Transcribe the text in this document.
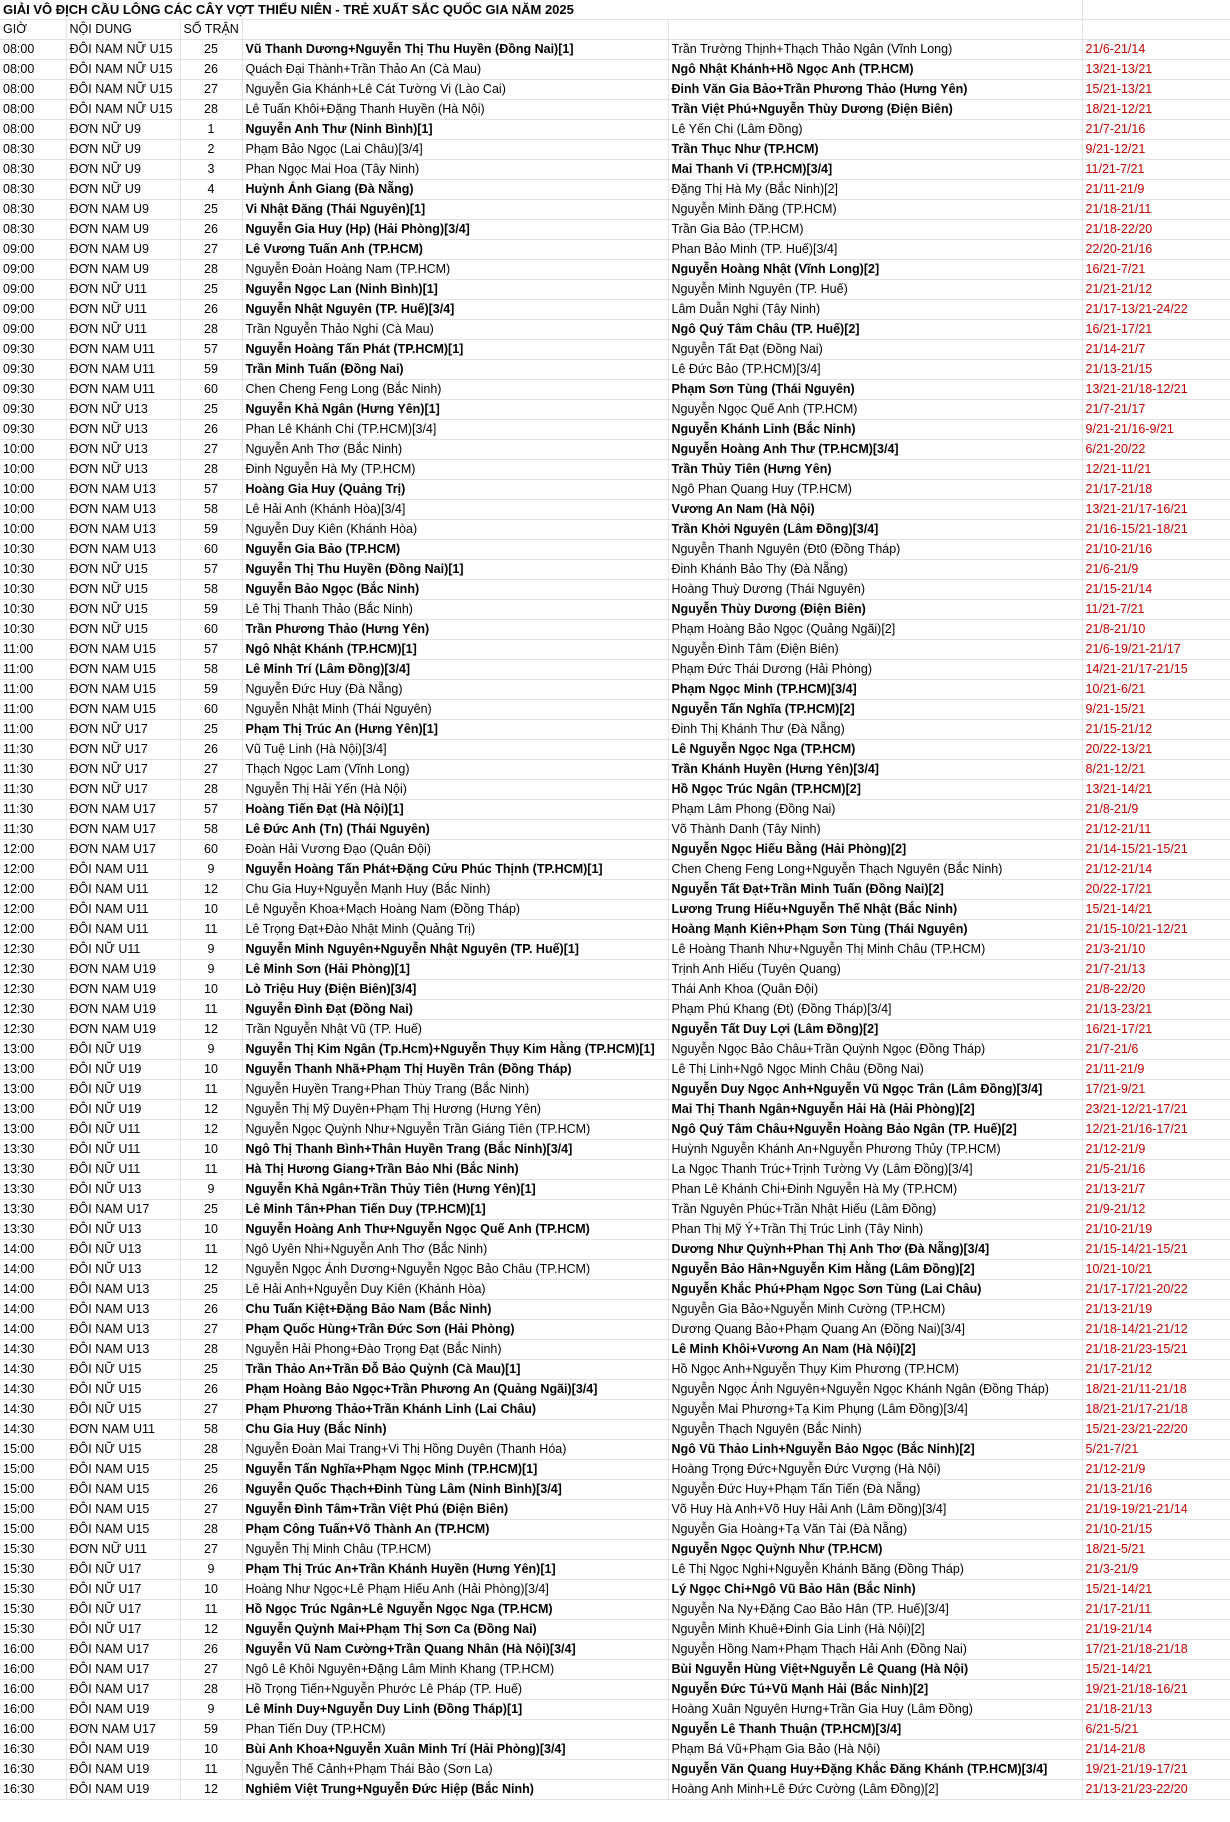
GIẢI VÔ ĐỊCH CẦU LÔNG CÁC CÂY VỢT THIẾU NIÊN - TRẺ XUẤT SẮC QUỐC GIA NĂM 2025					
GIỜ	NỘI DUNG	SỐ TRẬN			
08:00	ĐÔI NAM NỮ U15	25	Vũ Thanh Dương+Nguyễn Thị Thu Huyền (Đồng Nai)[1]	Trần Trường Thịnh+Thạch Thảo Ngân (Vĩnh Long)	21/6-21/14
08:00	ĐÔI NAM NỮ U15	26	Quách Đại Thành+Trần Thảo An (Cà Mau)	Ngô Nhật Khánh+Hồ Ngọc Anh (TP.HCM)	13/21-13/21
08:00	ĐÔI NAM NỮ U15	27	Nguyễn Gia Khánh+Lê Cát Tường Vi (Lào Cai)	Đinh Văn Gia Bảo+Trần Phương Thảo (Hưng Yên)	15/21-13/21
08:00	ĐÔI NAM NỮ U15	28	Lê Tuấn Khôi+Đặng Thanh Huyền (Hà Nội)	Trần Việt Phú+Nguyễn Thùy Dương (Điện Biên)	18/21-12/21
08:00	ĐƠN NỮ U9	1	Nguyễn Anh Thư (Ninh Bình)[1]	Lê Yến Chi (Lâm Đồng)	21/7-21/16
08:30	ĐƠN NỮ U9	2	Phạm Bảo Ngọc (Lai Châu)[3/4]	Trần Thục Như (TP.HCM)	9/21-12/21
08:30	ĐƠN NỮ U9	3	Phan Ngọc Mai Hoa (Tây Ninh)	Mai Thanh Vi (TP.HCM)[3/4]	11/21-7/21
08:30	ĐƠN NỮ U9	4	Huỳnh Ánh Giang (Đà Nẵng)	Đặng Thị Hà My (Bắc Ninh)[2]	21/11-21/9
08:30	ĐƠN NAM U9	25	Vi Nhật Đăng (Thái Nguyên)[1]	Nguyễn Minh Đăng (TP.HCM)	21/18-21/11
08:30	ĐƠN NAM U9	26	Nguyễn Gia Huy (Hp) (Hải Phòng)[3/4]	Trần Gia Bảo (TP.HCM)	21/18-22/20
09:00	ĐƠN NAM U9	27	Lê Vương Tuấn Anh (TP.HCM)	Phan Bảo Minh (TP. Huế)[3/4]	22/20-21/16
09:00	ĐƠN NAM U9	28	Nguyễn Đoàn Hoàng Nam (TP.HCM)	Nguyễn Hoàng Nhật (Vĩnh Long)[2]	16/21-7/21
09:00	ĐƠN NỮ U11	25	Nguyễn Ngọc Lan (Ninh Bình)[1]	Nguyễn Minh Nguyên (TP. Huế)	21/21-21/12
09:00	ĐƠN NỮ U11	26	Nguyễn Nhật Nguyên (TP. Huế)[3/4]	Lâm Duẫn Nghi (Tây Ninh)	21/17-13/21-24/22
09:00	ĐƠN NỮ U11	28	Trần Nguyễn Thảo Nghi (Cà Mau)	Ngô Quý Tâm Châu (TP. Huế)[2]	16/21-17/21
09:30	ĐƠN NAM U11	57	Nguyễn Hoàng Tấn Phát (TP.HCM)[1]	Nguyễn Tất Đạt (Đồng Nai)	21/14-21/7
09:30	ĐƠN NAM U11	59	Trần Minh Tuấn (Đồng Nai)	Lê Đức Bảo (TP.HCM)[3/4]	21/13-21/15
09:30	ĐƠN NAM U11	60	Chen Cheng Feng Long (Bắc Ninh)	Phạm Sơn Tùng (Thái Nguyên)	13/21-21/18-12/21
09:30	ĐƠN NỮ U13	25	Nguyễn Khả Ngân (Hưng Yên)[1]	Nguyễn Ngọc Quế Anh (TP.HCM)	21/7-21/17
09:30	ĐƠN NỮ U13	26	Phan Lê Khánh Chi (TP.HCM)[3/4]	Nguyễn Khánh Linh (Bắc Ninh)	9/21-21/16-9/21
10:00	ĐƠN NỮ U13	27	Nguyễn Anh Thơ (Bắc Ninh)	Nguyễn Hoàng Anh Thư (TP.HCM)[3/4]	6/21-20/22
10:00	ĐƠN NỮ U13	28	Đinh Nguyễn Hà My (TP.HCM)	Trần Thủy Tiên (Hưng Yên)	12/21-11/21
10:00	ĐƠN NAM U13	57	Hoàng Gia Huy (Quảng Trị)	Ngô Phan Quang Huy (TP.HCM)	21/17-21/18
10:00	ĐƠN NAM U13	58	Lê Hải Anh (Khánh Hòa)[3/4]	Vương An Nam (Hà Nội)	13/21-21/17-16/21
10:00	ĐƠN NAM U13	59	Nguyễn Duy Kiên (Khánh Hòa)	Trần Khởi Nguyên (Lâm Đồng)[3/4]	21/16-15/21-18/21
10:30	ĐƠN NAM U13	60	Nguyễn Gia Bảo (TP.HCM)	Nguyễn Thanh Nguyên (Đt0 (Đồng Tháp)	21/10-21/16
10:30	ĐƠN NỮ U15	57	Nguyễn Thị Thu Huyền (Đồng Nai)[1]	Đinh Khánh Bảo Thy (Đà Nẵng)	21/6-21/9
10:30	ĐƠN NỮ U15	58	Nguyễn Bảo Ngọc (Bắc Ninh)	Hoàng Thuỳ Dương (Thái Nguyên)	21/15-21/14
10:30	ĐƠN NỮ U15	59	Lê Thị Thanh Thảo (Bắc Ninh)	Nguyễn Thùy Dương (Điện Biên)	11/21-7/21
10:30	ĐƠN NỮ U15	60	Trần Phương Thảo (Hưng Yên)	Phạm Hoàng Bảo Ngọc (Quảng Ngãi)[2]	21/8-21/10
11:00	ĐƠN NAM U15	57	Ngô Nhật Khánh (TP.HCM)[1]	Nguyễn Đình Tâm (Điện Biên)	21/6-19/21-21/17
11:00	ĐƠN NAM U15	58	Lê Minh Trí (Lâm Đồng)[3/4]	Phạm Đức Thái Dương (Hải Phòng)	14/21-21/17-21/15
11:00	ĐƠN NAM U15	59	Nguyễn Đức Huy (Đà Nẵng)	Phạm Ngọc Minh (TP.HCM)[3/4]	10/21-6/21
11:00	ĐƠN NAM U15	60	Nguyễn Nhật Minh (Thái Nguyên)	Nguyễn Tấn Nghĩa (TP.HCM)[2]	9/21-15/21
11:00	ĐƠN NỮ U17	25	Phạm Thị Trúc An (Hưng Yên)[1]	Đinh Thị Khánh Thư (Đà Nẵng)	21/15-21/12
11:30	ĐƠN NỮ U17	26	Vũ Tuệ Linh (Hà Nội)[3/4]	Lê Nguyễn Ngọc Nga (TP.HCM)	20/22-13/21
11:30	ĐƠN NỮ U17	27	Thạch Ngọc Lam (Vĩnh Long)	Trần Khánh Huyền (Hưng Yên)[3/4]	8/21-12/21
11:30	ĐƠN NỮ U17	28	Nguyễn Thị Hải Yến (Hà Nội)	Hồ Ngọc Trúc Ngân (TP.HCM)[2]	13/21-14/21
11:30	ĐƠN NAM U17	57	Hoàng Tiến Đạt (Hà Nội)[1]	Phạm Lâm Phong (Đồng Nai)	21/8-21/9
11:30	ĐƠN NAM U17	58	Lê Đức Anh (Tn) (Thái Nguyên)	Võ Thành Danh (Tây Ninh)	21/12-21/11
12:00	ĐƠN NAM U17	60	Đoàn Hải Vương Đạo (Quân Đội)	Nguyễn Ngọc Hiếu Bằng (Hải Phòng)[2]	21/14-15/21-15/21
12:00	ĐÔI NAM U11	9	Nguyễn Hoàng Tấn Phát+Đặng Cửu Phúc Thịnh (TP.HCM)[1]	Chen Cheng Feng Long+Nguyễn Thạch Nguyên (Bắc Ninh)	21/12-21/14
12:00	ĐÔI NAM U11	12	Chu Gia Huy+Nguyễn Mạnh Huy (Bắc Ninh)	Nguyễn Tất Đạt+Trần Minh Tuấn (Đồng Nai)[2]	20/22-17/21
12:00	ĐÔI NAM U11	10	Lê Nguyễn Khoa+Mạch Hoàng Nam (Đồng Tháp)	Lương Trung Hiếu+Nguyễn Thế Nhật (Bắc Ninh)	15/21-14/21
12:00	ĐÔI NAM U11	11	Lê Trọng Đạt+Đào Nhật Minh (Quảng Trị)	Hoàng Mạnh Kiên+Phạm Sơn Tùng (Thái Nguyên)	21/15-10/21-12/21
12:30	ĐÔI NỮ U11	9	Nguyễn Minh Nguyên+Nguyễn Nhật Nguyên (TP. Huế)[1]	Lê Hoàng Thanh Như+Nguyễn Thị Minh Châu (TP.HCM)	21/3-21/10
12:30	ĐƠN NAM U19	9	Lê Minh Sơn (Hải Phòng)[1]	Trịnh Anh Hiếu (Tuyên Quang)	21/7-21/13
12:30	ĐƠN NAM U19	10	Lò Triệu Huy (Điện Biên)[3/4]	Thái Anh Khoa (Quân Đội)	21/8-22/20
12:30	ĐƠN NAM U19	11	Nguyễn Đình Đạt (Đồng Nai)	Phạm Phú Khang (Đt) (Đồng Tháp)[3/4]	21/13-23/21
12:30	ĐƠN NAM U19	12	Trần Nguyễn Nhật Vũ (TP. Huế)	Nguyễn Tất Duy Lợi (Lâm Đồng)[2]	16/21-17/21
13:00	ĐÔI NỮ U19	9	Nguyễn Thị Kim Ngân (Tp.Hcm)+Nguyễn Thụy Kim Hằng (TP.HCM)[1]	Nguyễn Ngọc Bảo Châu+Trần Quỳnh Ngọc (Đồng Tháp)	21/7-21/6
13:00	ĐÔI NỮ U19	10	Nguyễn Thanh Nhã+Phạm Thị Huyền Trân (Đồng Tháp)	Lê Thị Linh+Ngô Ngọc Minh Châu (Đồng Nai)	21/11-21/9
13:00	ĐÔI NỮ U19	11	Nguyễn Huyền Trang+Phan Thùy Trang (Bắc Ninh)	Nguyễn Duy Ngọc Anh+Nguyễn Vũ Ngọc Trân (Lâm Đồng)[3/4]	17/21-9/21
13:00	ĐÔI NỮ U19	12	Nguyễn Thị Mỹ Duyên+Phạm Thị Hương (Hưng Yên)	Mai Thị Thanh Ngân+Nguyễn Hải Hà (Hải Phòng)[2]	23/21-12/21-17/21
13:00	ĐÔI NỮ U11	12	Nguyễn Ngọc Quỳnh Như+Nguyễn Trần Giáng Tiên (TP.HCM)	Ngô Quý Tâm Châu+Nguyễn Hoàng Bảo Ngân (TP. Huế)[2]	12/21-21/16-17/21
13:30	ĐÔI NỮ U11	10	Ngô Thị Thanh Bình+Thân Huyền Trang (Bắc Ninh)[3/4]	Huỳnh Nguyễn Khánh An+Nguyễn Phương Thủy (TP.HCM)	21/12-21/9
13:30	ĐÔI NỮ U11	11	Hà Thị Hương Giang+Trần Bảo Nhi (Bắc Ninh)	La Ngọc Thanh Trúc+Trịnh Tường Vy (Lâm Đồng)[3/4]	21/5-21/16
13:30	ĐÔI NỮ U13	9	Nguyễn Khả Ngân+Trần Thủy Tiên (Hưng Yên)[1]	Phan Lê Khánh Chi+Đinh Nguyễn Hà My (TP.HCM)	21/13-21/7
13:30	ĐÔI NAM U17	25	Lê Minh Tân+Phan Tiến Duy (TP.HCM)[1]	Trần Nguyên Phúc+Trần Nhật Hiếu (Lâm Đồng)	21/9-21/12
13:30	ĐÔI NỮ U13	10	Nguyễn Hoàng Anh Thư+Nguyễn Ngọc Quế Anh (TP.HCM)	Phan Thị Mỹ Ý+Trần Thị Trúc Linh (Tây Ninh)	21/10-21/19
14:00	ĐÔI NỮ U13	11	Ngô Uyên Nhi+Nguyễn Anh Thơ (Bắc Ninh)	Dương Như Quỳnh+Phan Thị Anh Thơ (Đà Nẵng)[3/4]	21/15-14/21-15/21
14:00	ĐÔI NỮ U13	12	Nguyễn Ngọc Ánh Dương+Nguyễn Ngọc Bảo Châu (TP.HCM)	Nguyễn Bảo Hân+Nguyễn Kim Hằng (Lâm Đồng)[2]	10/21-10/21
14:00	ĐÔI NAM U13	25	Lê Hải Anh+Nguyễn Duy Kiên (Khánh Hòa)	Nguyễn Khắc Phú+Phạm Ngọc Sơn Tùng (Lai Châu)	21/17-17/21-20/22
14:00	ĐÔI NAM U13	26	Chu Tuấn Kiệt+Đặng Bảo Nam (Bắc Ninh)	Nguyễn Gia Bảo+Nguyễn Minh Cường (TP.HCM)	21/13-21/19
14:00	ĐÔI NAM U13	27	Phạm Quốc Hùng+Trần Đức Sơn (Hải Phòng)	Dương Quang Bảo+Phạm Quang An (Đồng Nai)[3/4]	21/18-14/21-21/12
14:30	ĐÔI NAM U13	28	Nguyễn Hải Phong+Đào Trọng Đạt (Bắc Ninh)	Lê Minh Khôi+Vương An Nam (Hà Nội)[2]	21/18-21/23-15/21
14:30	ĐÔI NỮ U15	25	Trần Thảo An+Trần Đỗ Bảo Quỳnh (Cà Mau)[1]	Hồ Ngọc Anh+Nguyễn Thụy Kim Phương (TP.HCM)	21/17-21/12
14:30	ĐÔI NỮ U15	26	Phạm Hoàng Bảo Ngọc+Trần Phương An (Quảng Ngãi)[3/4]	Nguyễn Ngọc Ánh Nguyên+Nguyễn Ngọc Khánh Ngân (Đồng Tháp)	18/21-21/11-21/18
14:30	ĐÔI NỮ U15	27	Phạm Phương Thảo+Trần Khánh Linh (Lai Châu)	Nguyễn Mai Phương+Tạ Kim Phụng (Lâm Đồng)[3/4]	18/21-21/17-21/18
14:30	ĐƠN NAM U11	58	Chu Gia Huy (Bắc Ninh)	Nguyễn Thạch Nguyên (Bắc Ninh)	15/21-23/21-22/20
15:00	ĐÔI NỮ U15	28	Nguyễn Đoàn Mai Trang+Vi Thị Hồng Duyên (Thanh Hóa)	Ngô Vũ Thảo Linh+Nguyễn Bảo Ngọc (Bắc Ninh)[2]	5/21-7/21
15:00	ĐÔI NAM U15	25	Nguyễn Tấn Nghĩa+Phạm Ngọc Minh (TP.HCM)[1]	Hoàng Trọng Đức+Nguyễn Đức Vượng (Hà Nội)	21/12-21/9
15:00	ĐÔI NAM U15	26	Nguyễn Quốc Thạch+Đinh Tùng Lâm (Ninh Bình)[3/4]	Nguyễn Đức Huy+Phạm Tấn Tiến (Đà Nẵng)	21/13-21/16
15:00	ĐÔI NAM U15	27	Nguyễn Đình Tâm+Trần Việt Phú (Điện Biên)	Võ Huy Hà Anh+Võ Huy Hải Anh (Lâm Đồng)[3/4]	21/19-19/21-21/14
15:00	ĐÔI NAM U15	28	Phạm Công Tuấn+Võ Thành An (TP.HCM)	Nguyễn Gia Hoàng+Tạ Văn Tài (Đà Nẵng)	21/10-21/15
15:30	ĐƠN NỮ U11	27	Nguyễn Thị Minh Châu (TP.HCM)	Nguyễn Ngọc Quỳnh Như (TP.HCM)	18/21-5/21
15:30	ĐÔI NỮ U17	9	Phạm Thị Trúc An+Trần Khánh Huyền (Hưng Yên)[1]	Lê Thị Ngọc Nghi+Nguyễn Khánh Băng (Đồng Tháp)	21/3-21/9
15:30	ĐÔI NỮ U17	10	Hoàng Như Ngọc+Lê Phạm Hiếu Anh (Hải Phòng)[3/4]	Lý Ngọc Chi+Ngô Vũ Bảo Hân (Bắc Ninh)	15/21-14/21
15:30	ĐÔI NỮ U17	11	Hồ Ngọc Trúc Ngân+Lê Nguyễn Ngọc Nga (TP.HCM)	Nguyễn Na Ny+Đặng Cao Bảo Hân (TP. Huế)[3/4]	21/17-21/11
15:30	ĐÔI NỮ U17	12	Nguyễn Quỳnh Mai+Phạm Thị Sơn Ca (Đồng Nai)	Nguyễn Minh Khuê+Đinh Gia Linh (Hà Nội)[2]	21/19-21/14
16:00	ĐÔI NAM U17	26	Nguyễn Vũ Nam Cường+Trần Quang Nhân (Hà Nội)[3/4]	Nguyễn Hồng Nam+Phạm Thạch Hải Anh (Đồng Nai)	17/21-21/18-21/18
16:00	ĐÔI NAM U17	27	Ngô Lê Khôi Nguyên+Đặng Lâm Minh Khang (TP.HCM)	Bùi Nguyễn Hùng Việt+Nguyễn Lê Quang (Hà Nội)	15/21-14/21
16:00	ĐÔI NAM U17	28	Hồ Trọng Tiến+Nguyễn Phước Lê Pháp (TP. Huế)	Nguyễn Đức Tú+Vũ Mạnh Hải (Bắc Ninh)[2]	19/21-21/18-16/21
16:00	ĐÔI NAM U19	9	Lê Minh Duy+Nguyễn Duy Linh (Đồng Tháp)[1]	Hoàng Xuân Nguyên Hưng+Trần Gia Huy (Lâm Đồng)	21/18-21/13
16:00	ĐƠN NAM U17	59	Phan Tiến Duy (TP.HCM)	Nguyễn Lê Thanh Thuận (TP.HCM)[3/4]	6/21-5/21
16:30	ĐÔI NAM U19	10	Bùi Anh Khoa+Nguyễn Xuân Minh Trí (Hải Phòng)[3/4]	Phạm Bá Vũ+Phạm Gia Bảo (Hà Nội)	21/14-21/8
16:30	ĐÔI NAM U19	11	Nguyễn Thế Cảnh+Phạm Thái Bảo (Sơn La)	Nguyễn Văn Quang Huy+Đặng Khắc Đăng Khánh (TP.HCM)[3/4]	19/21-21/19-17/21
16:30	ĐÔI NAM U19	12	Nghiêm Việt Trung+Nguyễn Đức Hiệp (Bắc Ninh)	Hoàng Anh Minh+Lê Đức Cường (Lâm Đồng)[2]	21/13-21/23-22/20
